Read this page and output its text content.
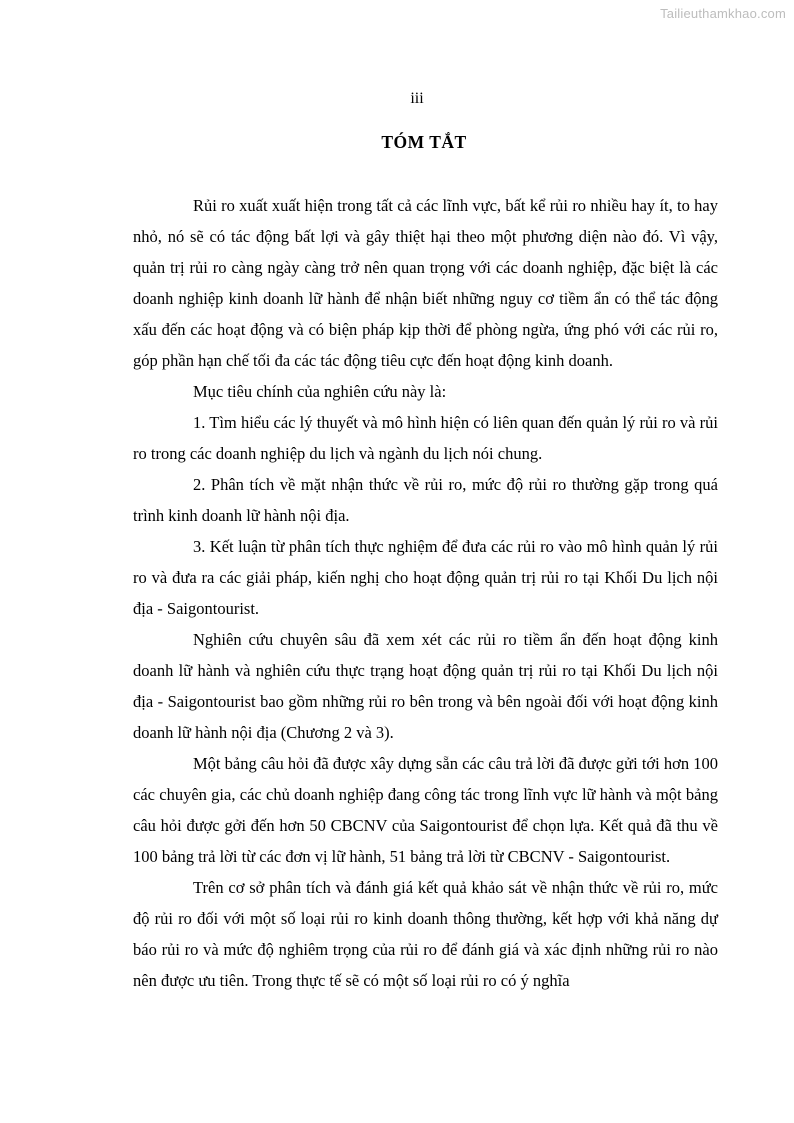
Tailieuthamkhao.com
iii
TÓM TẮT

Rủi ro xuất xuất hiện trong tất cả các lĩnh vực, bất kể rủi ro nhiều hay ít, to hay nhỏ, nó sẽ có tác động bất lợi và gây thiệt hại theo một phương diện nào đó. Vì vậy, quản trị rủi ro càng ngày càng trở nên quan trọng với các doanh nghiệp, đặc biệt là các doanh nghiệp kinh doanh lữ hành để nhận biết những nguy cơ tiềm ẩn có thể tác động xấu đến các hoạt động và có biện pháp kịp thời để phòng ngừa, ứng phó với các rủi ro, góp phần hạn chế tối đa các tác động tiêu cực đến hoạt động kinh doanh.

Mục tiêu chính của nghiên cứu này là:

1. Tìm hiểu các lý thuyết và mô hình hiện có liên quan đến quản lý rủi ro và rủi ro trong các doanh nghiệp du lịch và ngành du lịch nói chung.

2. Phân tích về mặt nhận thức về rủi ro, mức độ rủi ro thường gặp trong quá trình kinh doanh lữ hành nội địa.

3. Kết luận từ phân tích thực nghiệm để đưa các rủi ro vào mô hình quản lý rủi ro và đưa ra các giải pháp, kiến nghị cho hoạt động quản trị rủi ro tại Khối Du lịch nội địa - Saigontourist.

Nghiên cứu chuyên sâu đã xem xét các rủi ro tiềm ẩn đến hoạt động kinh doanh lữ hành và nghiên cứu thực trạng hoạt động quản trị rủi ro tại Khối Du lịch nội địa - Saigontourist bao gồm những rủi ro bên trong và bên ngoài đối với hoạt động kinh doanh lữ hành nội địa (Chương 2 và 3).

Một bảng câu hỏi đã được xây dựng sẵn các câu trả lời đã được gửi tới hơn 100 các chuyên gia, các chủ doanh nghiệp đang công tác trong lĩnh vực lữ hành và một bảng câu hỏi được gởi đến hơn 50 CBCNV của Saigontourist để chọn lựa. Kết quả đã thu về 100 bảng trả lời từ các đơn vị lữ hành, 51 bảng trả lời từ CBCNV - Saigontourist.

Trên cơ sở phân tích và đánh giá kết quả khảo sát về nhận thức về rủi ro, mức độ rủi ro đối với một số loại rủi ro kinh doanh thông thường, kết hợp với khả năng dự báo rủi ro và mức độ nghiêm trọng của rủi ro để đánh giá và xác định những rủi ro nào nên được ưu tiên. Trong thực tế sẽ có một số loại rủi ro có ý nghĩa
